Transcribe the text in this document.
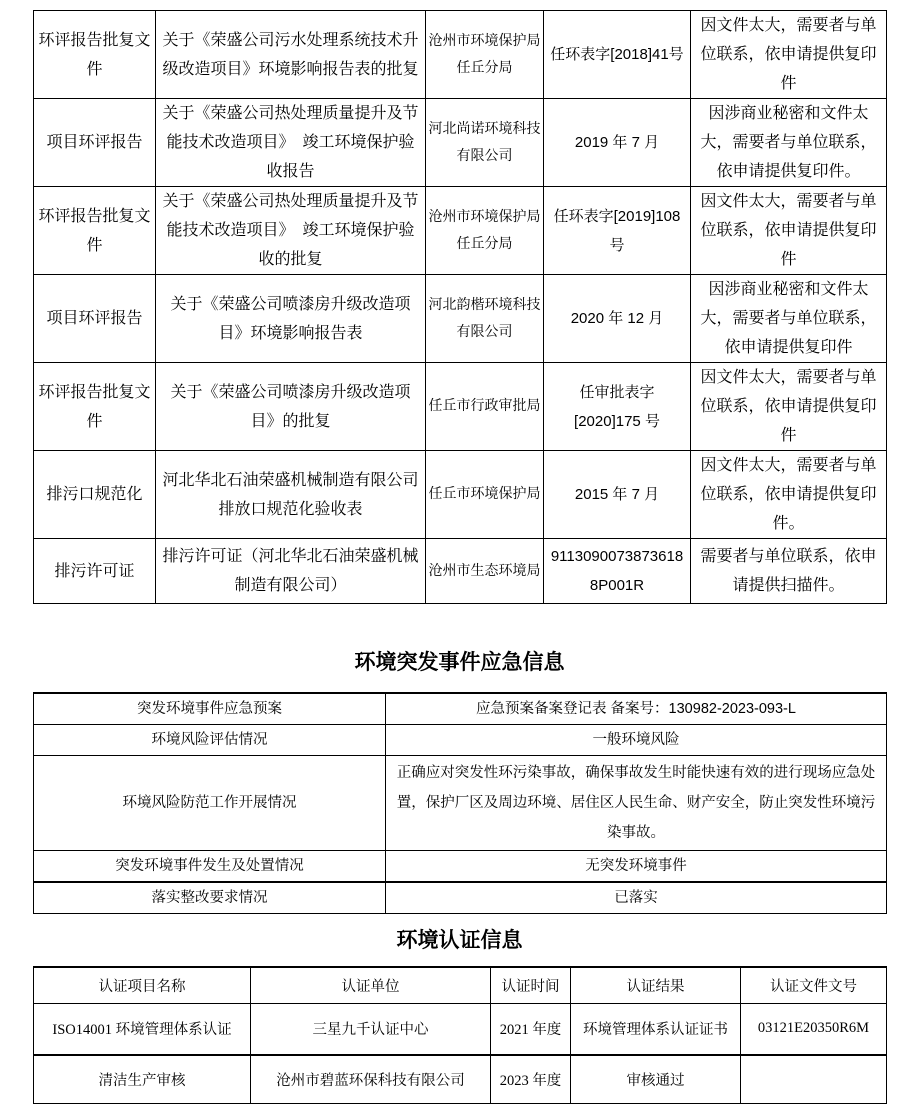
环评报告批复文件	关于《荣盛公司污水处理系统技术升级改造项目》环境影响报告表的批复	沧州市环境保护局任丘分局	任环表字[2018]41号	因文件太大，需要者与单位联系，依申请提供复印件
项目环评报告	关于《荣盛公司热处理质量提升及节能技术改造项目》　竣工环境保护验收报告	河北尚诺环境科技有限公司	2019 年 7 月	因涉商业秘密和文件太大，需要者与单位联系，依申请提供复印件。
环评报告批复文件	关于《荣盛公司热处理质量提升及节能技术改造项目》　竣工环境保护验收的批复	沧州市环境保护局任丘分局	任环表字[2019]108号	因文件太大，需要者与单位联系，依申请提供复印件
项目环评报告	关于《荣盛公司喷漆房升级改造项目》环境影响报告表	河北韵楷环境科技有限公司	2020 年 12 月	因涉商业秘密和文件太大，需要者与单位联系，依申请提供复印件
环评报告批复文件	关于《荣盛公司喷漆房升级改造项目》的批复	任丘市行政审批局	任审批表字[2020]175 号	因文件太大，需要者与单位联系，依申请提供复印件
排污口规范化	河北华北石油荣盛机械制造有限公司排放口规范化验收表	任丘市环境保护局	2015 年 7 月	因文件太大，需要者与单位联系，依申请提供复印件。
排污许可证	排污许可证（河北华北石油荣盛机械制造有限公司）	沧州市生态环境局	91130900738736188P001R	需要者与单位联系，依申请提供扫描件。
环境突发事件应急信息
突发环境事件应急预案	应急预案备案登记表 备案号：130982-2023-093-L
环境风险评估情况	一般环境风险
环境风险防范工作开展情况	正确应对突发性环污染事故，确保事故发生时能快速有效的进行现场应急处置，保护厂区及周边环境、居住区人民生命、财产安全，防止突发性环境污染事故。
突发环境事件发生及处置情况	无突发环境事件
落实整改要求情况	已落实
环境认证信息
认证项目名称	认证单位	认证时间	认证结果	认证文件文号
ISO14001 环境管理体系认证	三星九千认证中心	2021 年度	环境管理体系认证证书	03121E20350R6M
清洁生产审核	沧州市碧蓝环保科技有限公司	2023 年度	审核通过	
